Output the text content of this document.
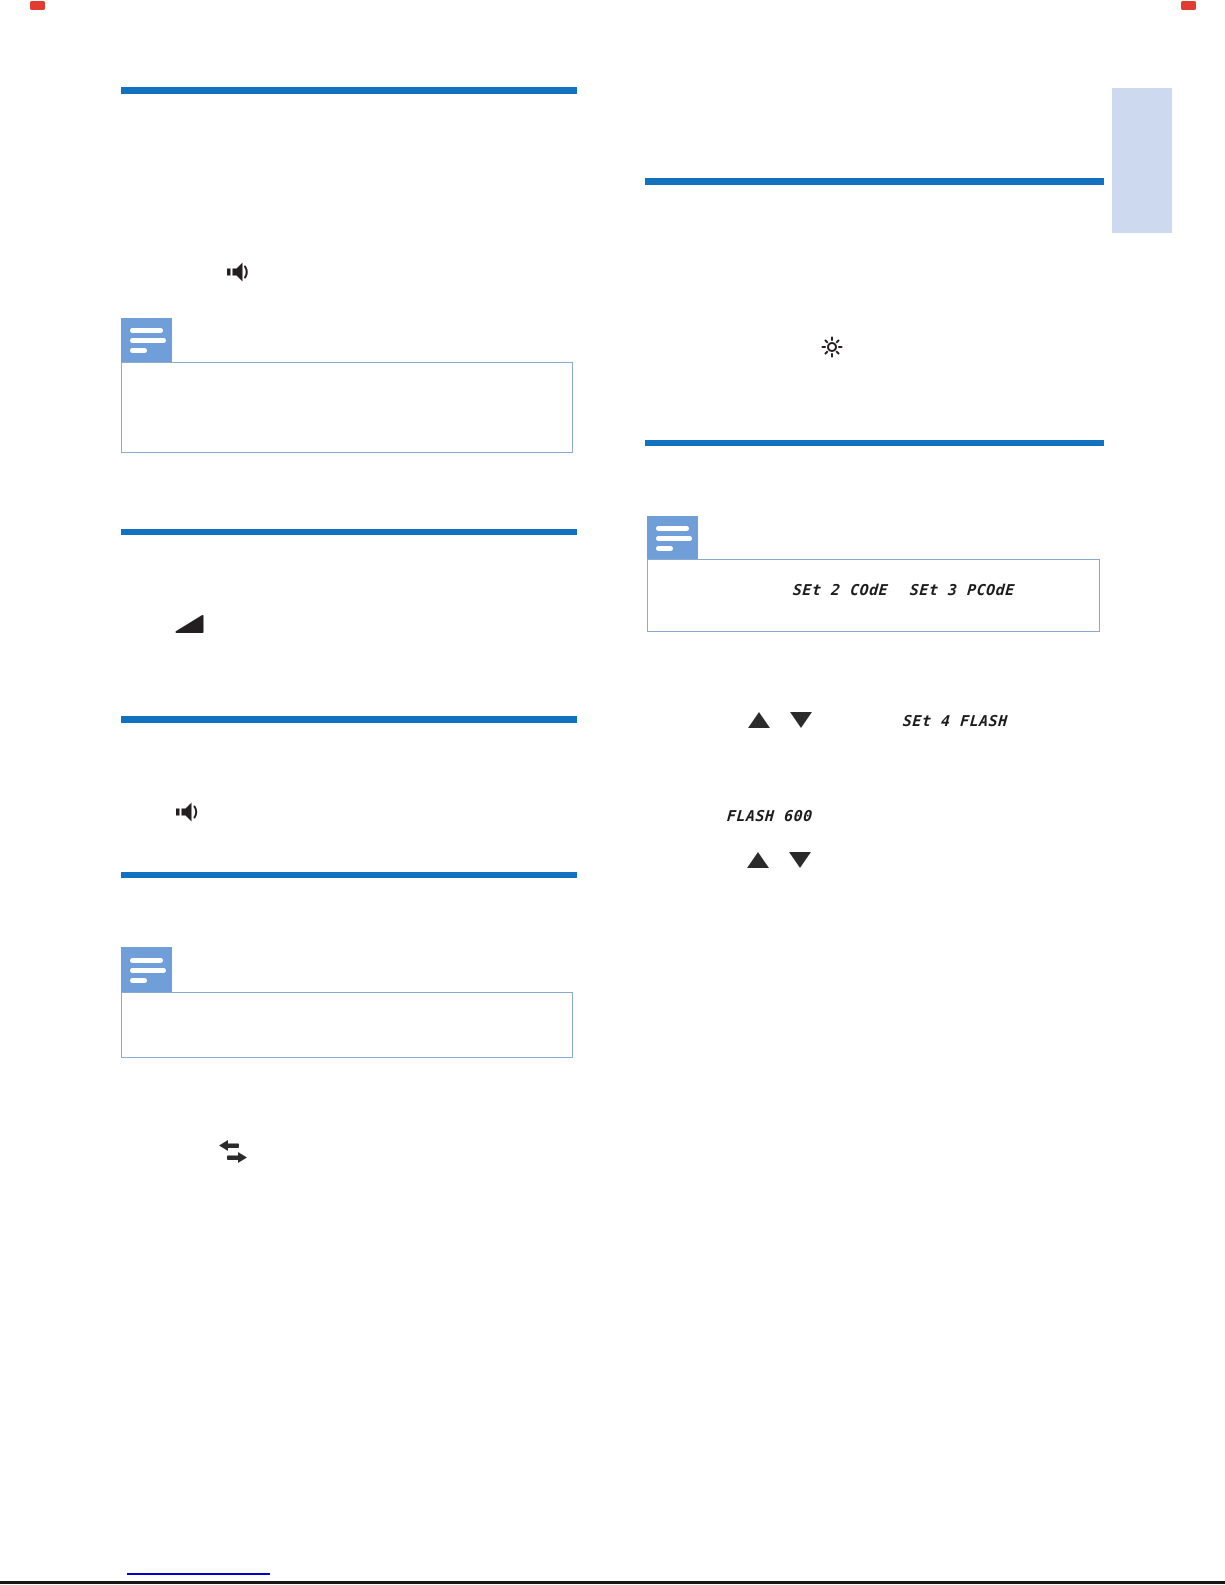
SEt 2 COdE SEt 3 PCOdE
SEt 4 FLASH
FLASH 600
